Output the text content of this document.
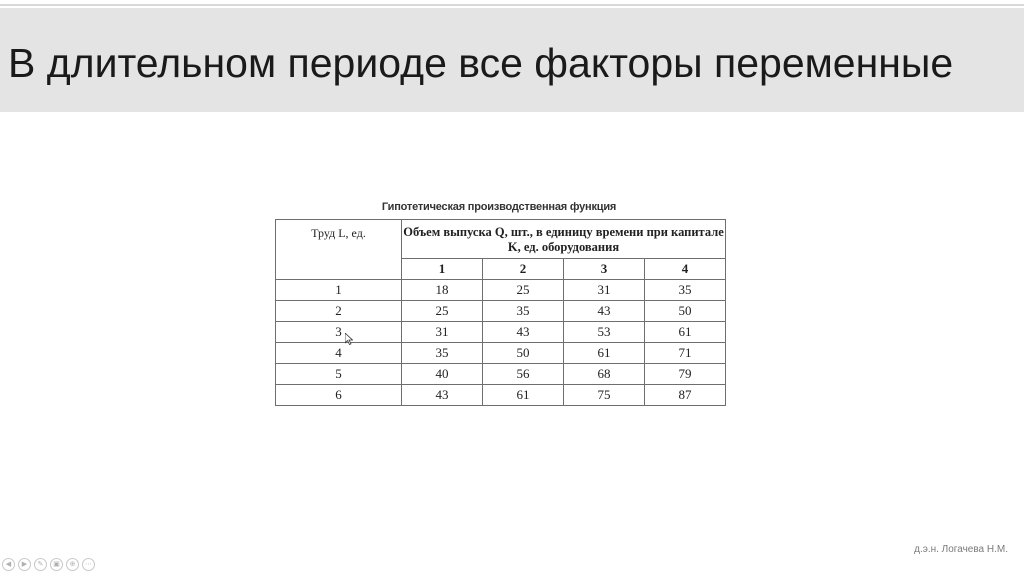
В длительном периоде все факторы переменные
Гипотетическая производственная функция
Труд L, ед.	Объем выпуска Q, шт., в единицу времени при капитале K, ед. оборудования			
	1	2	3	4
1	18	25	31	35
2	25	35	43	50
3	31	43	53	61
4	35	50	61	71
5	40	56	68	79
6	43	61	75	87
д.э.н. Логачева Н.М.
◀	▶	✎	▣	⊕	⋯
